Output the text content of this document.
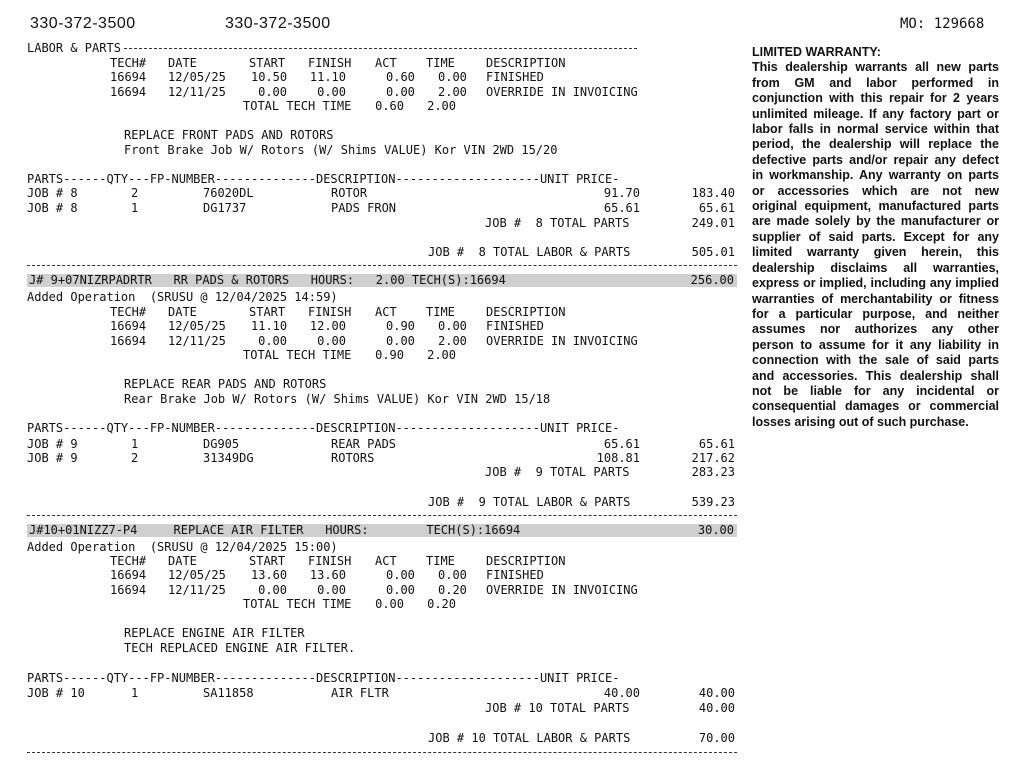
330-372-3500	330-372-3500	MO: 129668
LABOR & PARTS
TECH# DATE	START FINISH ACT TIME	DESCRIPTION
16694 12/05/25 10.50	11.10	0.60 0.00 FINISHED
16694 12/11/25	0.00	0.00	0.00 2.00 OVERRIDE IN INVOICING
TOTAL TECH TIME	0.60	2.00
REPLACE FRONT PADS AND ROTORS
Front Brake Job W/ Rotors (W/ Shims VALUE) Kor VIN 2WD 15/20
PARTS------QTY---FP-NUMBER--------------DESCRIPTION--------------------UNIT PRICE-
JOB # 8	2	76020DL	ROTOR	91.70	183.40
JOB # 8	1	DG1737	PADS FRON	65.61	65.61
JOB #  8 TOTAL PARTS	249.01
JOB #  8 TOTAL LABOR & PARTS	505.01
J# 9+07NIZRPADRTR   RR PADS & ROTORS   HOURS:   2.00 TECH(S):16694	256.00
Added Operation  (SRUSU @ 12/04/2025 14:59)
TECH# DATE	START FINISH ACT TIME	DESCRIPTION
16694 12/05/25 11.10	12.00	0.90 0.00 FINISHED
16694 12/11/25	0.00	0.00	0.00 2.00 OVERRIDE IN INVOICING
TOTAL TECH TIME	0.90	2.00
REPLACE REAR PADS AND ROTORS
Rear Brake Job W/ Rotors (W/ Shims VALUE) Kor VIN 2WD 15/18
PARTS------QTY---FP-NUMBER--------------DESCRIPTION--------------------UNIT PRICE-
JOB # 9	1	DG905	REAR PADS	65.61	65.61
JOB # 9	2	31349DG	ROTORS	108.81	217.62
JOB #  9 TOTAL PARTS	283.23
JOB #  9 TOTAL LABOR & PARTS	539.23
J#10+01NIZZ7-P4     REPLACE AIR FILTER   HOURS:        TECH(S):16694	30.00
Added Operation  (SRUSU @ 12/04/2025 15:00)
TECH# DATE	START FINISH ACT TIME	DESCRIPTION
16694 12/05/25 13.60	13.60	0.00 0.00 FINISHED
16694 12/11/25	0.00	0.00	0.00 0.20 OVERRIDE IN INVOICING
TOTAL TECH TIME	0.00	0.20
REPLACE ENGINE AIR FILTER
TECH REPLACED ENGINE AIR FILTER.
PARTS------QTY---FP-NUMBER--------------DESCRIPTION--------------------UNIT PRICE-
JOB # 10	1	SA11858	AIR FLTR	40.00	40.00
JOB # 10 TOTAL PARTS	40.00
JOB # 10 TOTAL LABOR & PARTS	70.00
LIMITED WARRANTY:
This dealership warrants all new parts from GM and labor performed in conjunction with this repair for 2 years unlimited mileage. If any factory part or labor falls in normal service within that period, the dealership will replace the defective parts and/or repair any defect in workmanship. Any warranty on parts or accessories which are not new original equipment, manufactured parts are made solely by the manufacturer or supplier of said parts. Except for any limited warranty given herein, this dealership disclaims all warranties, express or implied, including any implied warranties of merchantability or fitness for a particular purpose, and neither assumes nor authorizes any other person to assume for it any liability in connection with the sale of said parts and accessories. This dealership shall not be liable for any incidental or consequential damages or commercial losses arising out of such purchase.
